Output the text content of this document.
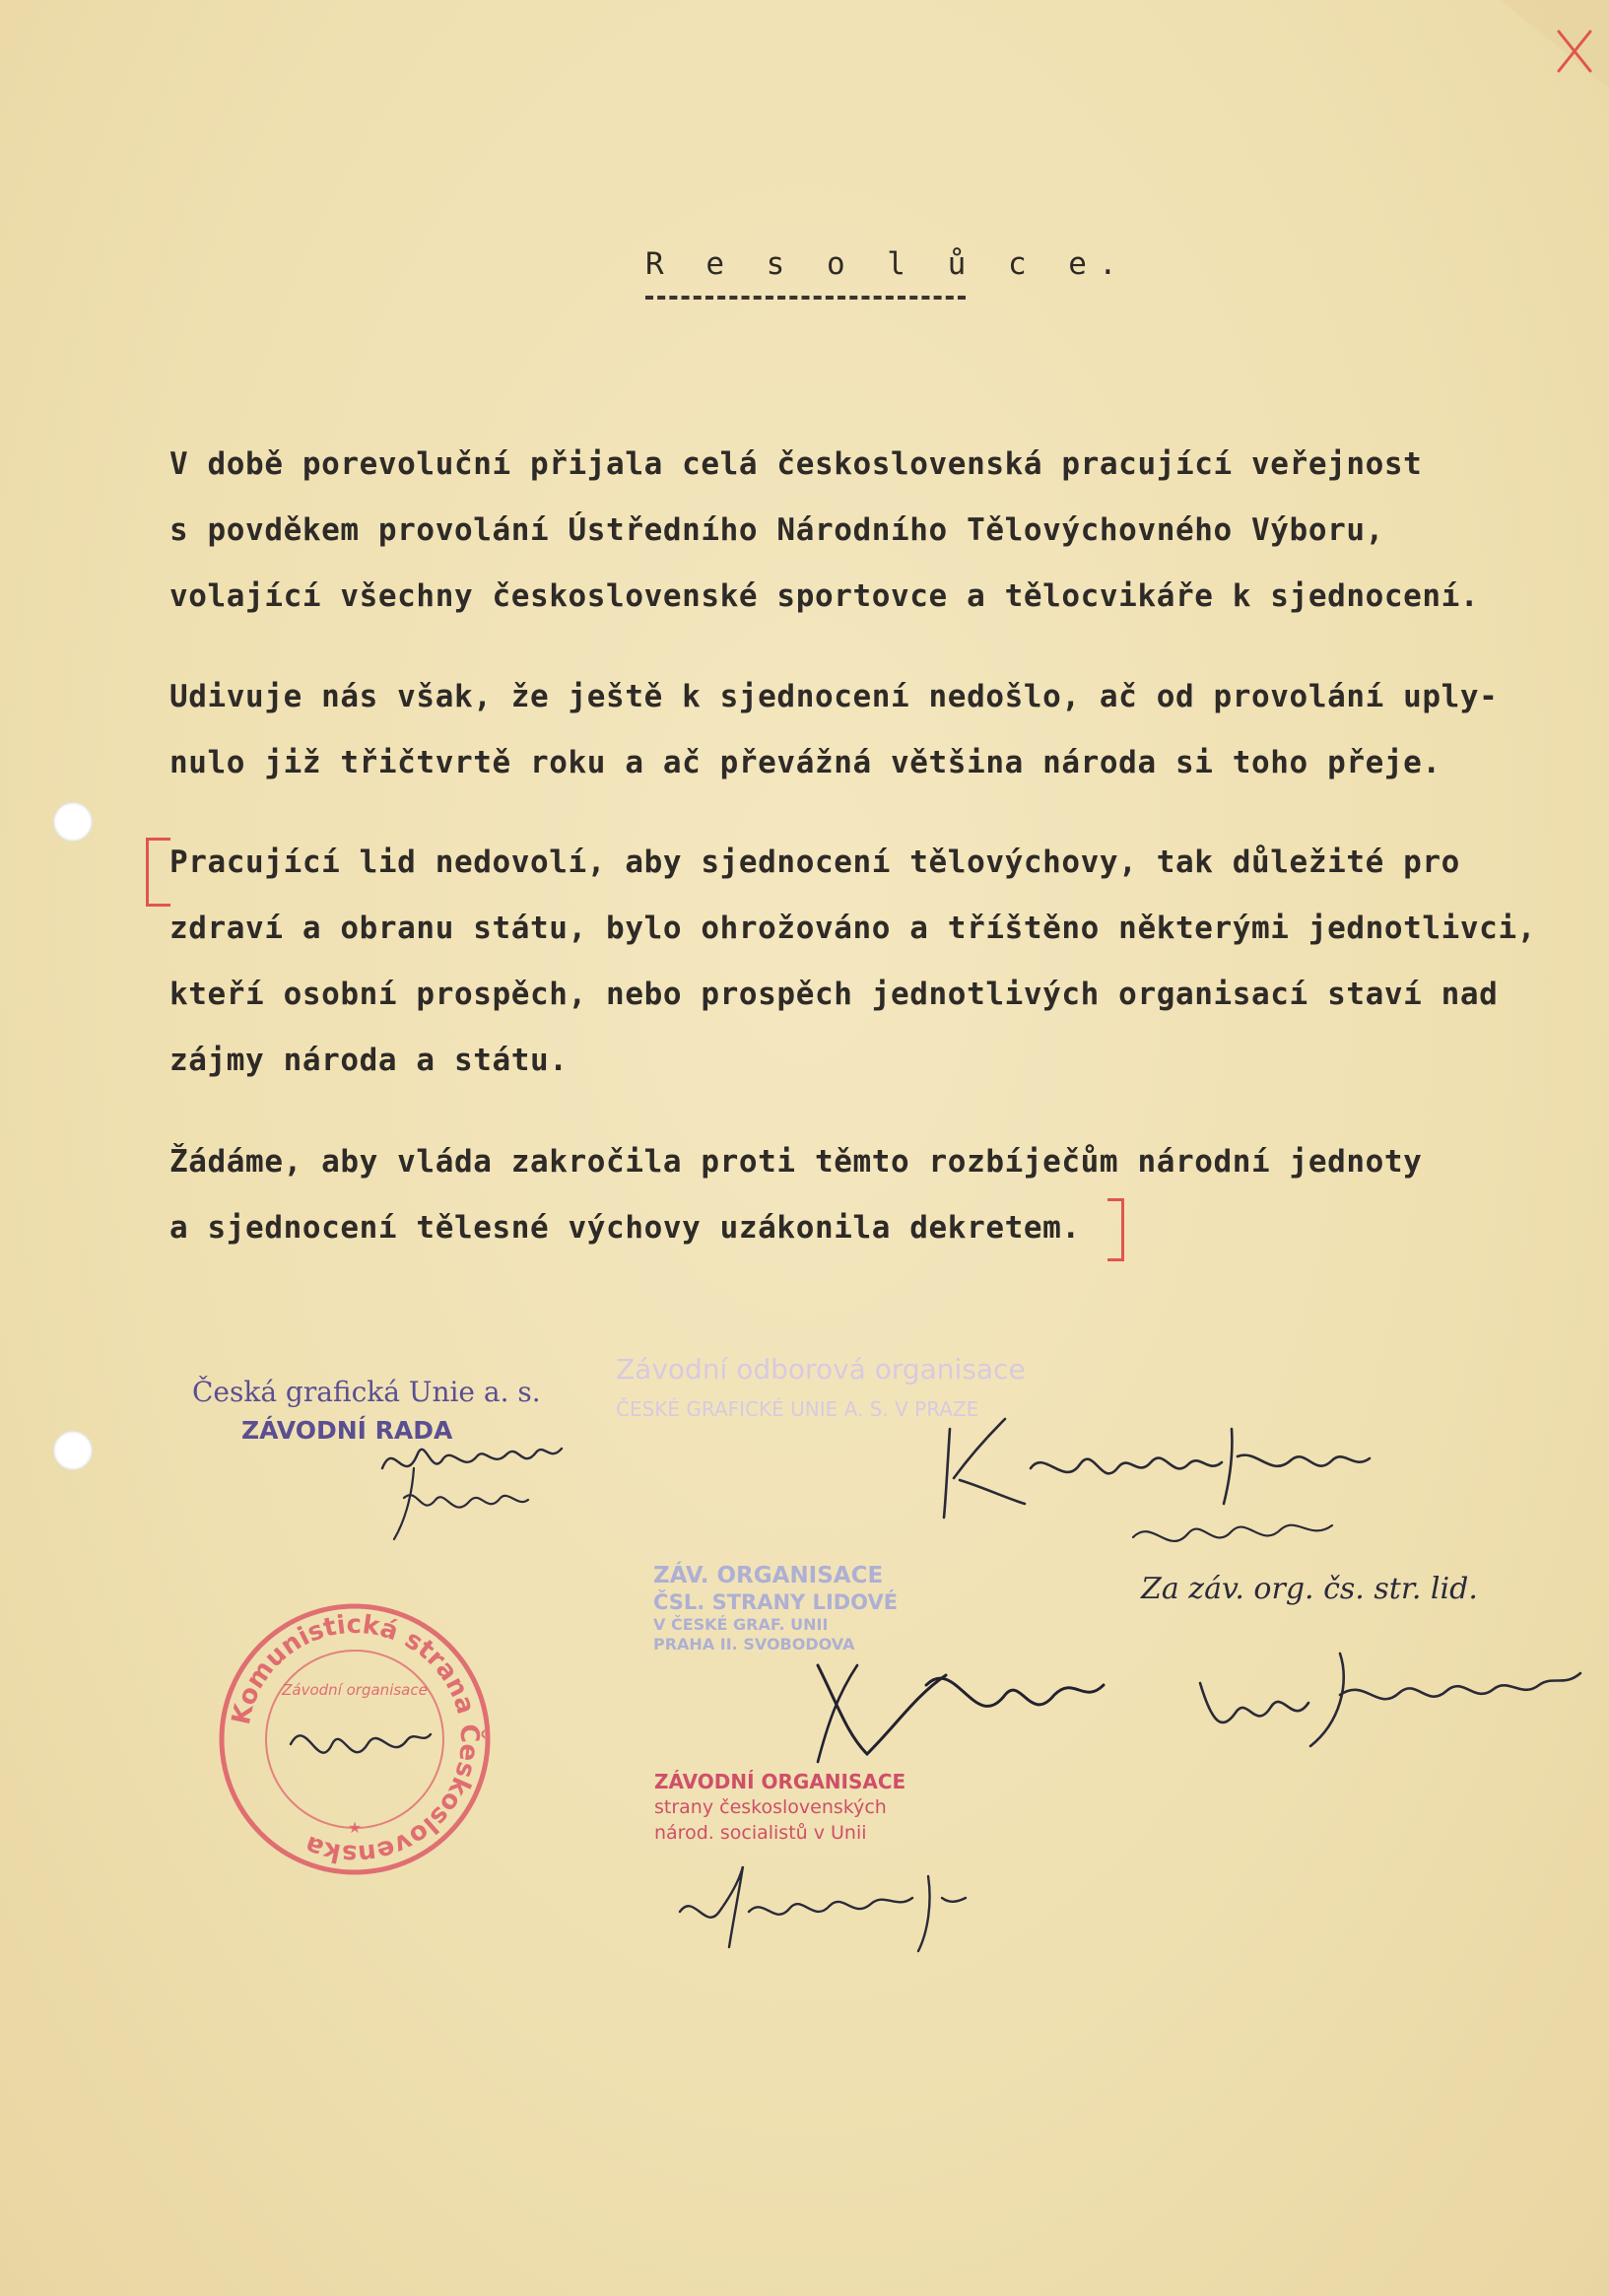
R e s o l ů c e.
V době porevoluční přijala celá československá pracující veřejnost
s povděkem provolání Ústředního Národního Tělovýchovného Výboru,
volající všechny československé sportovce a tělocvikáře k sjednocení.
Udivuje nás však, že ještě k sjednocení nedošlo, ač od provolání uply-
nulo již třičtvrtě roku a ač převážná většina národa si toho přeje.
Pracující lid nedovolí, aby sjednocení tělovýchovy, tak důležité pro
zdraví a obranu státu, bylo ohrožováno a tříštěno některými jednotlivci,
kteří osobní prospěch, nebo prospěch jednotlivých organisací staví nad
zájmy národa a státu.
Žádáme, aby vláda zakročila proti těmto rozbíječům národní jednoty
a sjednocení tělesné výchovy uzákonila dekretem.
Česká grafická Unie a. s.
ZÁVODNÍ RADA
Závodní odborová organisace
ČESKÉ GRAFICKÉ UNIE A. S. V PRAZE
ZÁV. ORGANISACE
ČSL. STRANY LIDOVÉ
V ČESKÉ GRAF. UNII
PRAHA II. SVOBODOVA
Za záv. org. čs. str. lid.
ZÁVODNÍ ORGANISACE
strany československých
národ. socialistů v Unii
Komunistická strana Československa
Závodní organisace
★
